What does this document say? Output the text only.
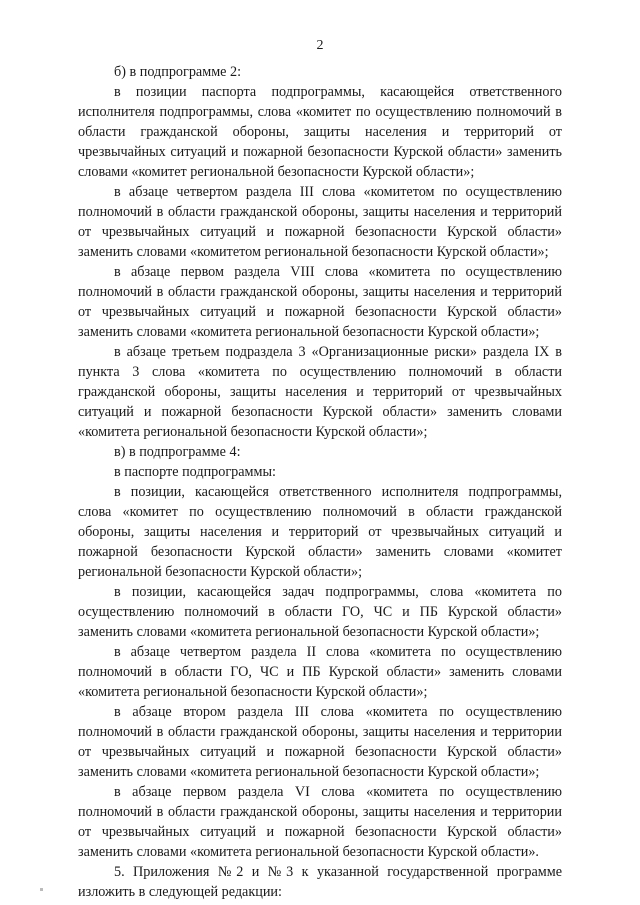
2

б) в подпрограмме 2:

в позиции паспорта подпрограммы, касающейся ответственного исполнителя подпрограммы, слова «комитет по осуществлению полномочий в области гражданской обороны, защиты населения и территорий от чрезвычайных ситуаций и пожарной безопасности Курской области» заменить словами «комитет региональной безопасности Курской области»;

в абзаце четвертом раздела III слова «комитетом по осуществлению полномочий в области гражданской обороны, защиты населения и территорий от чрезвычайных ситуаций и пожарной безопасности Курской области» заменить словами «комитетом региональной безопасности Курской области»;

в абзаце первом раздела VIII слова «комитета по осуществлению полномочий в области гражданской обороны, защиты населения и территорий от чрезвычайных ситуаций и пожарной безопасности Курской области» заменить словами «комитета региональной безопасности Курской области»;

в абзаце третьем подраздела 3 «Организационные риски» раздела IX в пункта 3 слова «комитета по осуществлению полномочий в области гражданской обороны, защиты населения и территорий от чрезвычайных ситуаций и пожарной безопасности Курской области» заменить словами «комитета региональной безопасности Курской области»;

в) в подпрограмме 4:

в паспорте подпрограммы:

в позиции, касающейся ответственного исполнителя подпрограммы, слова «комитет по осуществлению полномочий в области гражданской обороны, защиты населения и территорий от чрезвычайных ситуаций и пожарной безопасности Курской области» заменить словами «комитет региональной безопасности Курской области»;

в позиции, касающейся задач подпрограммы, слова «комитета по осуществлению полномочий в области ГО, ЧС и ПБ Курской области» заменить словами «комитета региональной безопасности Курской области»;

в абзаце четвертом раздела II слова «комитета по осуществлению полномочий в области ГО, ЧС и ПБ Курской области» заменить словами «комитета региональной безопасности Курской области»;

в абзаце втором раздела III слова «комитета по осуществлению полномочий в области гражданской обороны, защиты населения и территории от чрезвычайных ситуаций и пожарной безопасности Курской области» заменить словами «комитета региональной безопасности Курской области»;

в абзаце первом раздела VI слова «комитета по осуществлению полномочий в области гражданской обороны, защиты населения и территории от чрезвычайных ситуаций и пожарной безопасности Курской области» заменить словами «комитета региональной безопасности Курской области».

5. Приложения №2 и №3 к указанной государственной программе изложить в следующей редакции:
